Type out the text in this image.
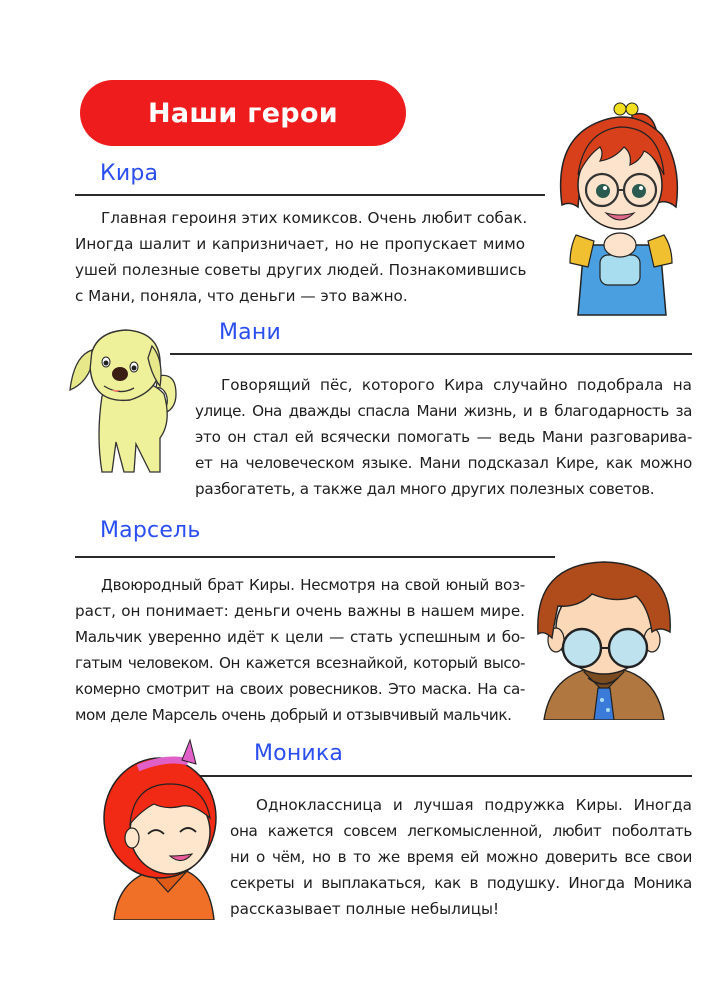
Наши герои
Кира
Главная героиня этих комиксов. Очень любит собак.
Иногда шалит и капризничает, но не пропускает мимо
ушей полезные советы других людей. Познакомившись
с Мани, поняла, что деньги — это важно.
Мани
Говорящий пёс, которого Кира случайно подобрала на
улице. Она дважды спасла Мани жизнь, и в благодарность за
это он стал ей всячески помогать — ведь Мани разговарива-
ет на человеческом языке. Мани подсказал Кире, как можно
разбогатеть, а также дал много других полезных советов.
Марсель
Двоюродный брат Киры. Несмотря на свой юный воз-
раст, он понимает: деньги очень важны в нашем мире.
Мальчик уверенно идёт к цели — стать успешным и бо-
гатым человеком. Он кажется всезнайкой, который высо-
комерно смотрит на своих ровесников. Это маска. На са-
мом деле Марсель очень добрый и отзывчивый мальчик.
Моника
Одноклассница и лучшая подружка Киры. Иногда
она кажется совсем легкомысленной, любит поболтать
ни о чём, но в то же время ей можно доверить все свои
секреты и выплакаться, как в подушку. Иногда Моника
рассказывает полные небылицы!
